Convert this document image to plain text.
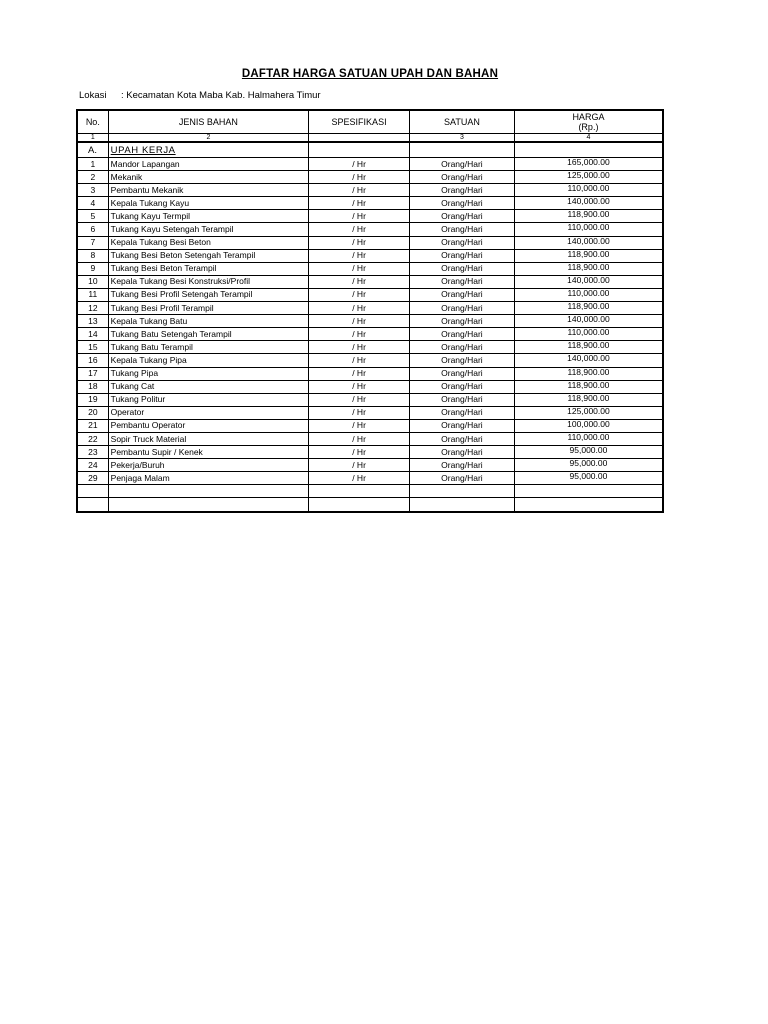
DAFTAR HARGA SATUAN UPAH DAN BAHAN
Lokasi : Kecamatan Kota Maba Kab. Halmahera Timur
No.	JENIS BAHAN	SPESIFIKASI	SATUAN	HARGA
(Rp.)

1	2		3	4
A.	UPAH KERJA			
1	Mandor Lapangan	/ Hr	Orang/Hari	165,000.00
2	Mekanik	/ Hr	Orang/Hari	125,000.00
3	Pembantu Mekanik	/ Hr	Orang/Hari	110,000.00
4	Kepala Tukang Kayu	/ Hr	Orang/Hari	140,000.00
5	Tukang Kayu Termpil	/ Hr	Orang/Hari	118,900.00
6	Tukang Kayu Setengah Terampil	/ Hr	Orang/Hari	110,000.00
7	Kepala Tukang Besi Beton	/ Hr	Orang/Hari	140,000.00
8	Tukang Besi Beton Setengah Terampil	/ Hr	Orang/Hari	118,900.00
9	Tukang Besi Beton Terampil	/ Hr	Orang/Hari	118,900.00
10	Kepala Tukang Besi Konstruksi/Profil	/ Hr	Orang/Hari	140,000.00
11	Tukang Besi Profil Setengah Terampil	/ Hr	Orang/Hari	110,000.00
12	Tukang Besi Profil Terampil	/ Hr	Orang/Hari	118,900.00
13	Kepala Tukang Batu	/ Hr	Orang/Hari	140,000.00
14	Tukang Batu Setengah Terampil	/ Hr	Orang/Hari	110,000.00
15	Tukang Batu Terampil	/ Hr	Orang/Hari	118,900.00
16	Kepala Tukang Pipa	/ Hr	Orang/Hari	140,000.00
17	Tukang Pipa	/ Hr	Orang/Hari	118,900.00
18	Tukang Cat	/ Hr	Orang/Hari	118,900.00
19	Tukang Politur	/ Hr	Orang/Hari	118,900.00
20	Operator	/ Hr	Orang/Hari	125,000.00
21	Pembantu Operator	/ Hr	Orang/Hari	100,000.00
22	Sopir Truck Material	/ Hr	Orang/Hari	110,000.00
23	Pembantu Supir / Kenek	/ Hr	Orang/Hari	95,000.00
24	Pekerja/Buruh	/ Hr	Orang/Hari	95,000.00
29	Penjaga Malam	/ Hr	Orang/Hari	95,000.00
